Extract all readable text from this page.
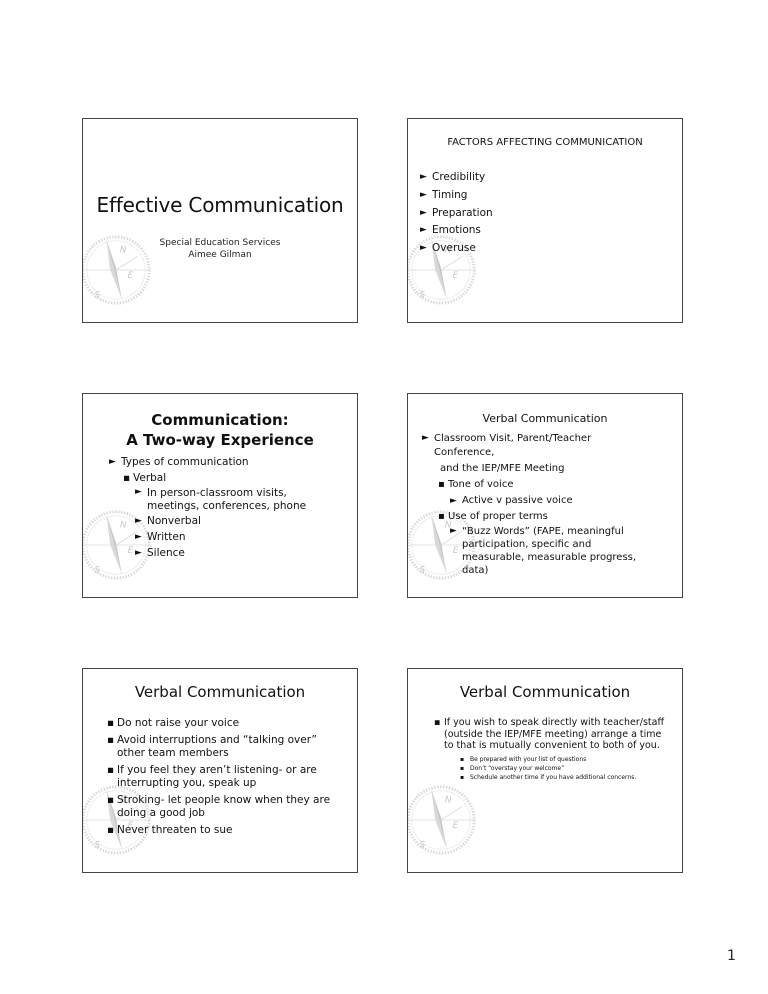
Effective Communication
Special Education Services
Aimee Gilman
FACTORS AFFECTING COMMUNICATION
► Credibility
► Timing
► Preparation
► Emotions
► Overuse
Communication:
A Two-way Experience
► Types of communication
▪ Verbal
► In person-classroom visits, meetings, conferences, phone
► Nonverbal
► Written
► Silence
Verbal Communication
► Classroom Visit, Parent/Teacher Conference,
and the IEP/MFE Meeting
▪ Tone of voice
► Active v passive voice
▪ Use of proper terms
► “Buzz Words” (FAPE, meaningful participation, specific and measurable, measurable progress, data)
Verbal Communication
▪ Do not raise your voice
▪ Avoid interruptions and “talking over” other team members
▪ If you feel they aren’t listening- or are interrupting you, speak up
▪ Stroking- let people know when they are doing a good job
▪ Never threaten to sue
Verbal Communication
▪ If you wish to speak directly with teacher/staff (outside the IEP/MFE meeting) arrange a time to that is mutually convenient to both of you.
▪ Be prepared with your list of questions
▪ Don’t “overstay your welcome”
▪ Schedule another time if you have additional concerns.
1
